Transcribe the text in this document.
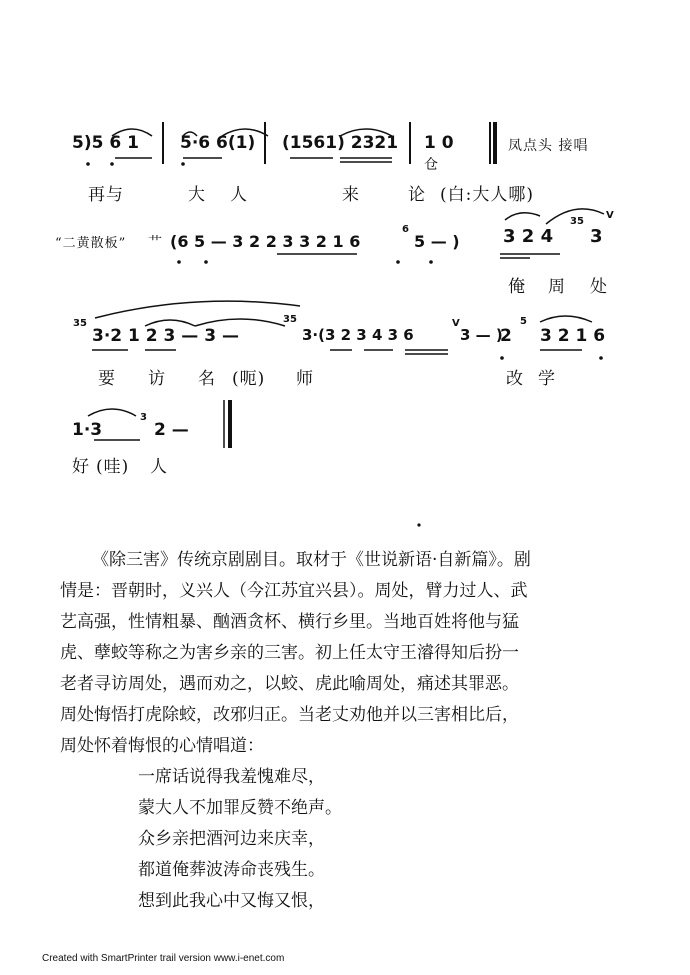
5)5 6 1 5·6 6(1) (1561) 2321 1 0
仓
凤点头 接唱
再与	大 人	来	论 (白:大人哪)
“二黄散板” 艹 (6 5 — 3 2 2 3 3 2 1 6
6
5 — ) 3 2 4
35
3
V
俺 周 处
35
3·2 1 2 3 — 3 —
35
3·(3 2 3 4 3 6
V
3 — )
2
5
3 2 1 6
要 访 名 (呃) 师	改 学
1·3
3
2 —
好 (哇) 人
《除三害》传统京剧剧目。取材于《世说新语·自新篇》。剧
情是：晋朝时，义兴人（今江苏宜兴县）。周处，臂力过人、武
艺高强，性情粗暴、酗酒贪杯、横行乡里。当地百姓将他与猛
虎、孽蛟等称之为害乡亲的三害。初上任太守王濬得知后扮一
老者寻访周处，遇而劝之，以蛟、虎此喻周处，痛述其罪恶。
周处悔悟打虎除蛟，改邪归正。当老丈劝他并以三害相比后，
周处怀着悔恨的心情唱道：
一席话说得我羞愧难尽，
蒙大人不加罪反赞不绝声。
众乡亲把酒河边来庆幸，
都道俺葬波涛命丧残生。
想到此我心中又悔又恨，
Created with SmartPrinter trail version www.i-enet.com
